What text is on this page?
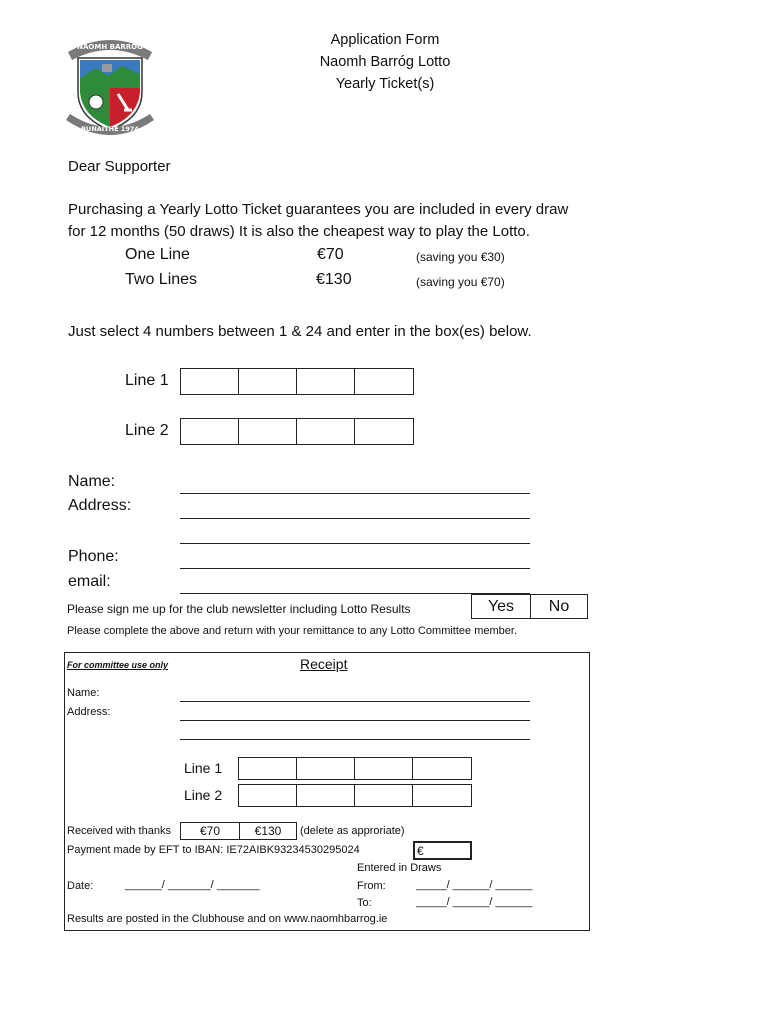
NAOMH BARRÓG
BUNAITHE 1974
Application Form
Naomh Barróg Lotto
Yearly Ticket(s)
Dear Supporter
Purchasing a Yearly Lotto Ticket guarantees you are included in every draw
for 12 months (50 draws) It is also the cheapest way to play the Lotto.
One Line	€70	(saving you €30)
Two Lines	€130	(saving you €70)
Just select 4 numbers between 1 & 24 and enter in the box(es) below.
Line 1
Line 2
Name:
Address:
Phone:
email:
Please sign me up for the club newsletter including Lotto Results	Yes	No
Please complete the above and return with your remittance to any Lotto Committee member.
For committee use only	Receipt
Name:
Address:
Line 1
Line 2
Received with thanks	€70	€130	(delete as approriate)
Payment made by EFT to IBAN: IE72AIBK93234530295024	€
Entered in Draws
Date:	______/ _______/ _______	From:	_____/ ______/ ______
To:	_____/ ______/ ______
Results are posted in the Clubhouse and on www.naomhbarrog.ie
